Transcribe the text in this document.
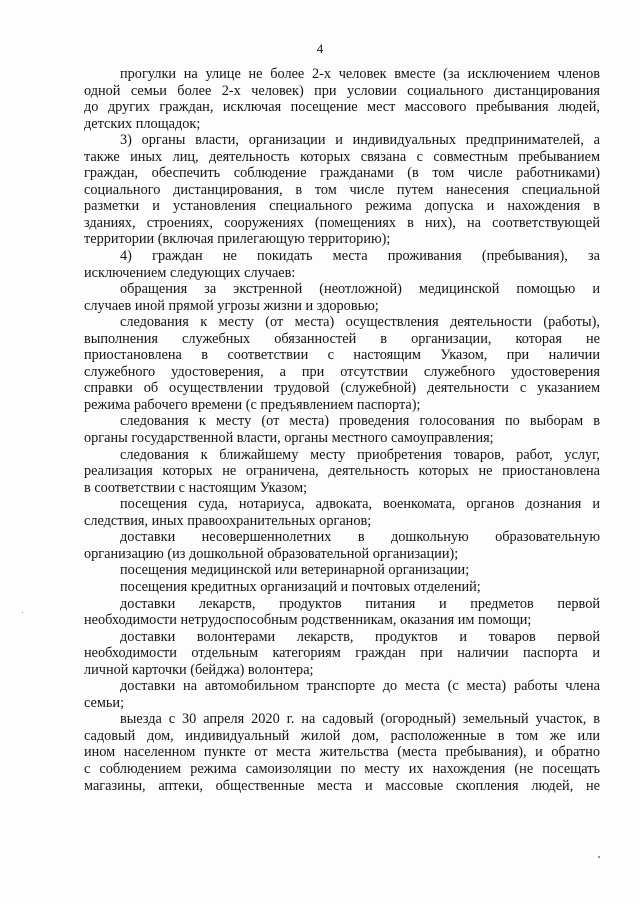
4
прогулки на улице не более 2-х человек вместе (за исключением членов
одной семьи более 2-х человек) при условии социального дистанцирования
до других граждан, исключая посещение мест массового пребывания людей,
детских площадок;
3) органы власти, организации и индивидуальных предпринимателей, а
также иных лиц, деятельность которых связана с совместным пребыванием
граждан, обеспечить соблюдение гражданами (в том числе работниками)
социального дистанцирования, в том числе путем нанесения специальной
разметки и установления специального режима допуска и нахождения в
зданиях, строениях, сооружениях (помещениях в них), на соответствующей
территории (включая прилегающую территорию);
4) граждан не покидать места проживания (пребывания), за
исключением следующих случаев:
обращения за экстренной (неотложной) медицинской помощью и
случаев иной прямой угрозы жизни и здоровью;
следования к месту (от места) осуществления деятельности (работы),
выполнения служебных обязанностей в организации, которая не
приостановлена в соответствии с настоящим Указом, при наличии
служебного удостоверения, а при отсутствии служебного удостоверения
справки об осуществлении трудовой (служебной) деятельности с указанием
режима рабочего времени (с предъявлением паспорта);
следования к месту (от места) проведения голосования по выборам в
органы государственной власти, органы местного самоуправления;
следования к ближайшему месту приобретения товаров, работ, услуг,
реализация которых не ограничена, деятельность которых не приостановлена
в соответствии с настоящим Указом;
посещения суда, нотариуса, адвоката, военкомата, органов дознания и
следствия, иных правоохранительных органов;
доставки несовершеннолетних в дошкольную образовательную
организацию (из дошкольной образовательной организации);
посещения медицинской или ветеринарной организации;
посещения кредитных организаций и почтовых отделений;
доставки лекарств, продуктов питания и предметов первой
необходимости нетрудоспособным родственникам, оказания им помощи;
доставки волонтерами лекарств, продуктов и товаров первой
необходимости отдельным категориям граждан при наличии паспорта и
личной карточки (бейджа) волонтера;
доставки на автомобильном транспорте до места (с места) работы члена
семьи;
выезда с 30 апреля 2020 г. на садовый (огородный) земельный участок, в
садовый дом, индивидуальный жилой дом, расположенные в том же или
ином населенном пункте от места жительства (места пребывания), и обратно
с соблюдением режима самоизоляции по месту их нахождения (не посещать
магазины, аптеки, общественные места и массовые скопления людей, не
